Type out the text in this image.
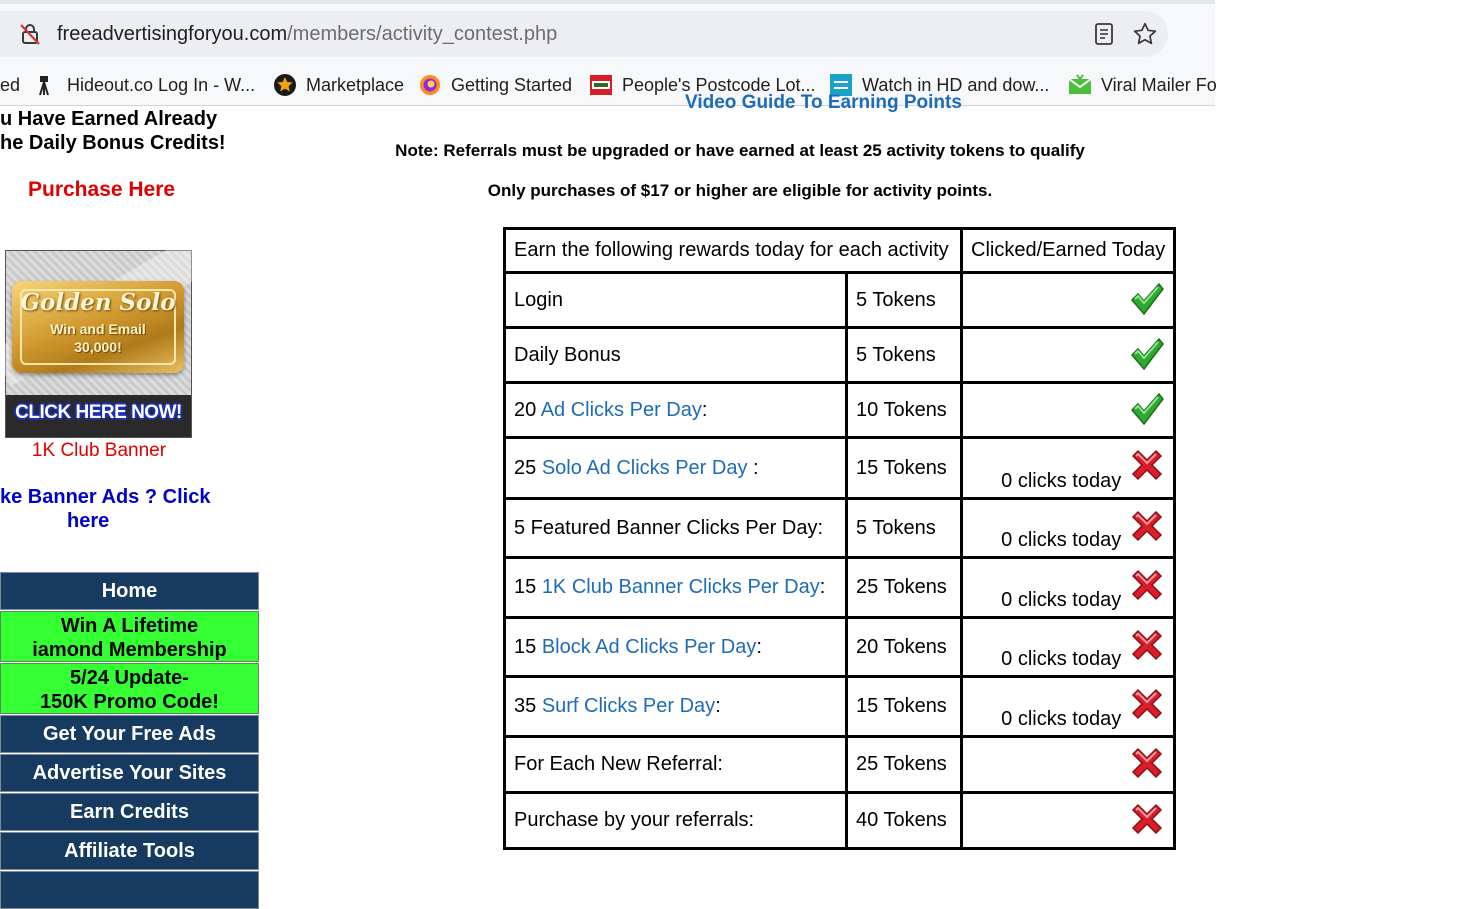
freeadvertisingforyou.com/members/activity_contest.php
ed	Hideout.co Log In - W...	Marketplace	Getting Started	People's Postcode Lot...	Watch in HD and dow...	Viral Mailer Fo
u Have Earned Already
he Daily Bonus Credits!
Purchase Here
Golden Solo
Win and Email
30,000!
CLICK HERE NOW!
1K Club Banner
ke Banner Ads ? Click
here
Home
Win A Lifetime
iamond Membership
5/24 Update-
150K Promo Code!
Get Your Free Ads
Advertise Your Sites
Earn Credits
Affiliate Tools
Video Guide To Earning Points
Note: Referrals must be upgraded or have earned at least 25 activity tokens to qualify
Only purchases of $17 or higher are eligible for activity points.
Earn the following rewards today for each activity		Clicked/Earned Today
Login	5 Tokens	

Daily Bonus	5 Tokens	

20 Ad Clicks Per Day:	10 Tokens	

25 Solo Ad Clicks Per Day :	15 Tokens	0 clicks today

5 Featured Banner Clicks Per Day:	5 Tokens	0 clicks today

15 1K Club Banner Clicks Per Day:	25 Tokens	0 clicks today

15 Block Ad Clicks Per Day:	20 Tokens	0 clicks today

35 Surf Clicks Per Day:	15 Tokens	0 clicks today

For Each New Referral:	25 Tokens	

Purchase by your referrals:	40 Tokens	
